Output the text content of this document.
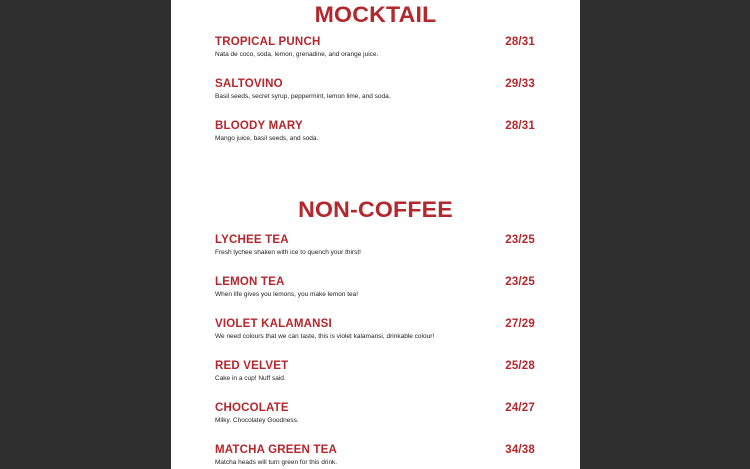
MOCKTAIL
TROPICAL PUNCH	28/31
Nata de coco, soda, lemon, grenadine, and orange juice.
SALTOVINO	29/33
Basil seeds, secret syrup, peppermint, lemon lime, and soda.
BLOODY MARY	28/31
Mango juice, basil seeds, and soda.
NON-COFFEE
LYCHEE TEA	23/25
Fresh lychee shaken with ice to quench your thirst!
LEMON TEA	23/25
When life gives you lemons, you make lemon tea!
VIOLET KALAMANSI	27/29
We need colours that we can taste, this is violet kalamansi, drinkable colour!
RED VELVET	25/28
Cake in a cup! Nuff said.
CHOCOLATE	24/27
Milky. Chocolatey Goodness.
MATCHA GREEN TEA	34/38
Matcha heads will turn green for this drink.
